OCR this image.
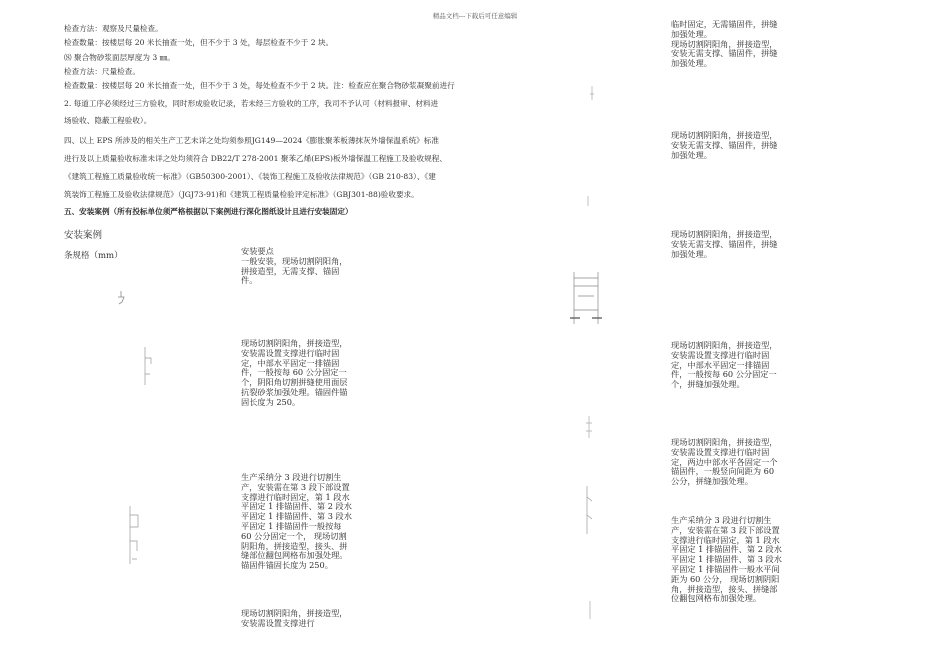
精品文档---下载后可任意编辑
检查方法：观察及尺量检查。
检查数量：按楼层每 20 米长抽查一处，但不少于 3 处，每层检查不少于 2 块。
⑻ 聚合物砂浆面层厚度为 3 ㎜。
检查方法：尺量检查。
检查数量：按楼层每 20 米长抽查一处，但不少于 3 处，每处检查不少于 2 块。注：检查应在聚合物砂浆凝聚前进行
2. 每道工序必须经过三方验收，同时形成验收记录，若未经三方验收的工序，我司不予认可（材料报审、材料进
场验收、隐蔽工程验收）。
四、以上 EPS 所涉及的相关生产工艺未详之处均须参照JG149—2024《膨胀聚苯板薄抹灰外墙保温系统》标准
进行及以上质量验收标准未详之处均须符合 DB22/T 278-2001 聚苯乙烯(EPS)板外墙保温工程施工及验收规程、
《建筑工程施工质量验收统一标准》（GB50300-2001）、《装饰工程施工及验收法律规范》（GB 210-83）、《建
筑装饰工程施工及验收法律规范》（JGJ73-91)和《建筑工程质量检验评定标准》（GBJ301-88)验收要求。
五、安装案例（所有投标单位须严格根据以下案例进行深化图纸设计且进行安装固定）
安装案例
条规格（mm）	安装要点

一般安装，现场切割阴阳角，拼接造型，无需支撑、锚固件。

现场切割阴阳角，拼接造型，安装需设置支撑进行临时固定，中部水平固定一排锚固件，一般按每 60 公分固定一个，阴阳角切割拼缝使用面层抗裂砂浆加强处理。锚固件锚固长度为 250。

生产采纳分 3 段进行切割生产，安装需在第 3 段下部设置支撑进行临时固定，第 1 段水平固定 1 排锚固件、第 2 段水平固定 1 排锚固件、第 3 段水平固定 1 排锚固件一般按每 60 公分固定一个， 现场切割阴阳角，拼接造型，接头、拼缝部位翻包网格布加强处理。锚固件锚固长度为 250。

现场切割阴阳角，拼接造型，安装需设置支撑进行

临时固定，无需锚固件，拼缝加强处理。

现场切割阴阳角，拼接造型，安装无需支撑、锚固件，拼缝加强处理。

现场切割阴阳角，拼接造型，安装无需支撑、锚固件，拼缝加强处理。

现场切割阴阳角，拼接造型，安装无需支撑、锚固件，拼缝加强处理。

现场切割阴阳角，拼接造型，安装需设置支撑进行临时固定，中部水平固定一排锚固件，一般按每 60 公分固定一个，拼缝加强处理。

现场切割阴阳角，拼接造型，安装需设置支撑进行临时固定，两边中部水平各固定一个锚固件，一般竖向间距为 60 公分，拼缝加强处理。

生产采纳分 3 段进行切割生产，安装需在第 3 段下部设置支撑进行临时固定，第 1 段水平固定 1 排锚固件、第 2 段水平固定 1 排锚固件、第 3 段水平固定 1 排锚固件一般水平间距为 60 公分， 现场切割阴阳角，拼接造型，接头、拼缝部位翻包网格布加强处理。
